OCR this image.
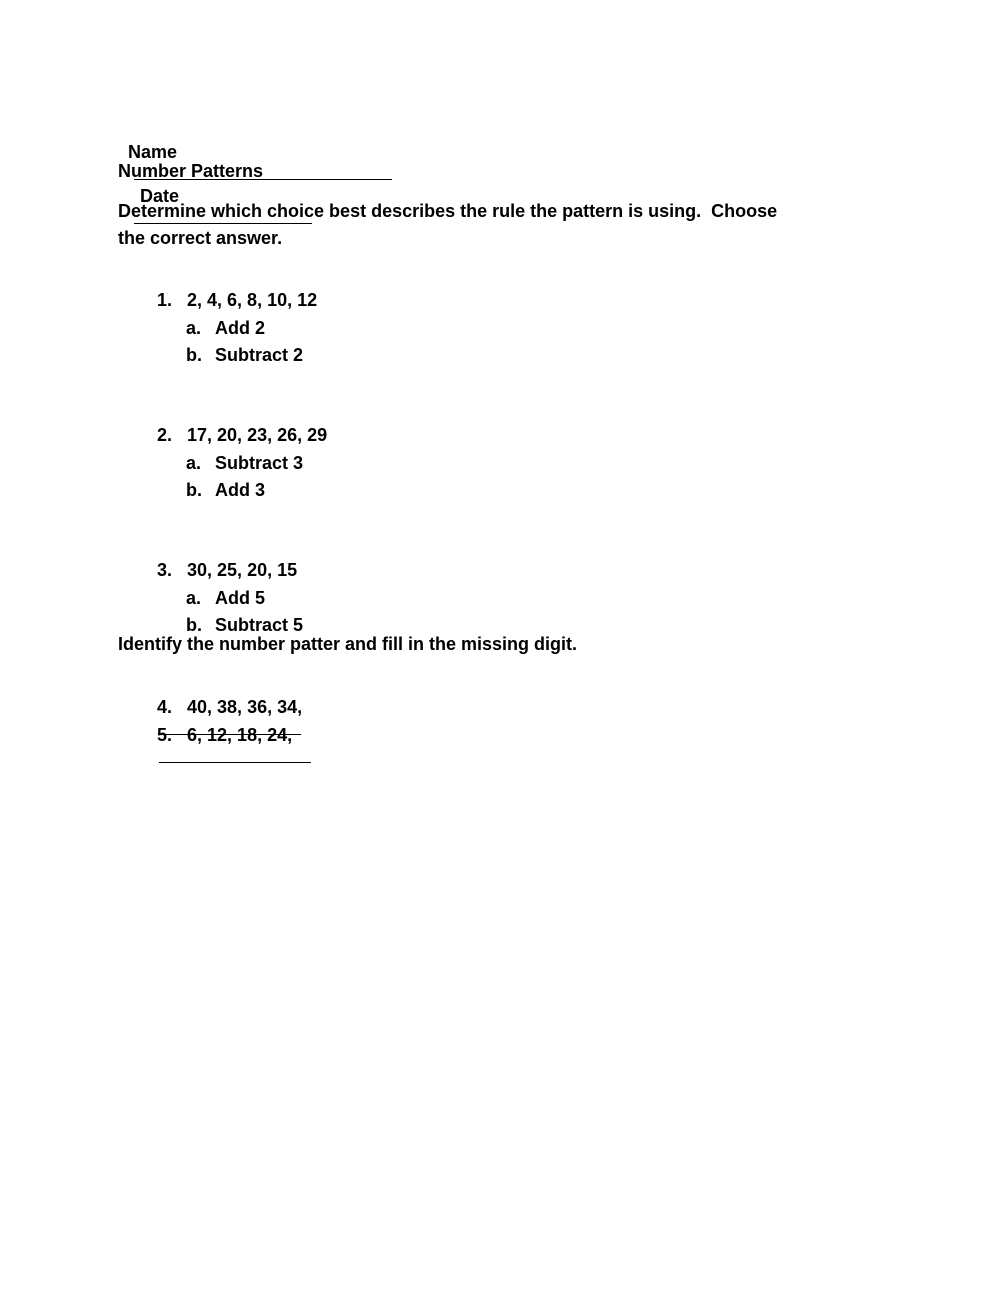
Name

Date

Number Patterns
Determine which choice best describes the rule the pattern is using.  Choose
the correct answer.

1. 2, 4, 6, 8, 10, 12

a. Add 2

b. Subtract 2

2. 17, 20, 23, 26, 29

a. Subtract 3

b. Add 3

3. 30, 25, 20, 15

a. Add 5

b. Subtract 5

Identify the number patter and fill in the missing digit.

4. 40, 38, 36, 34,

5. 6, 12, 18, 24,
